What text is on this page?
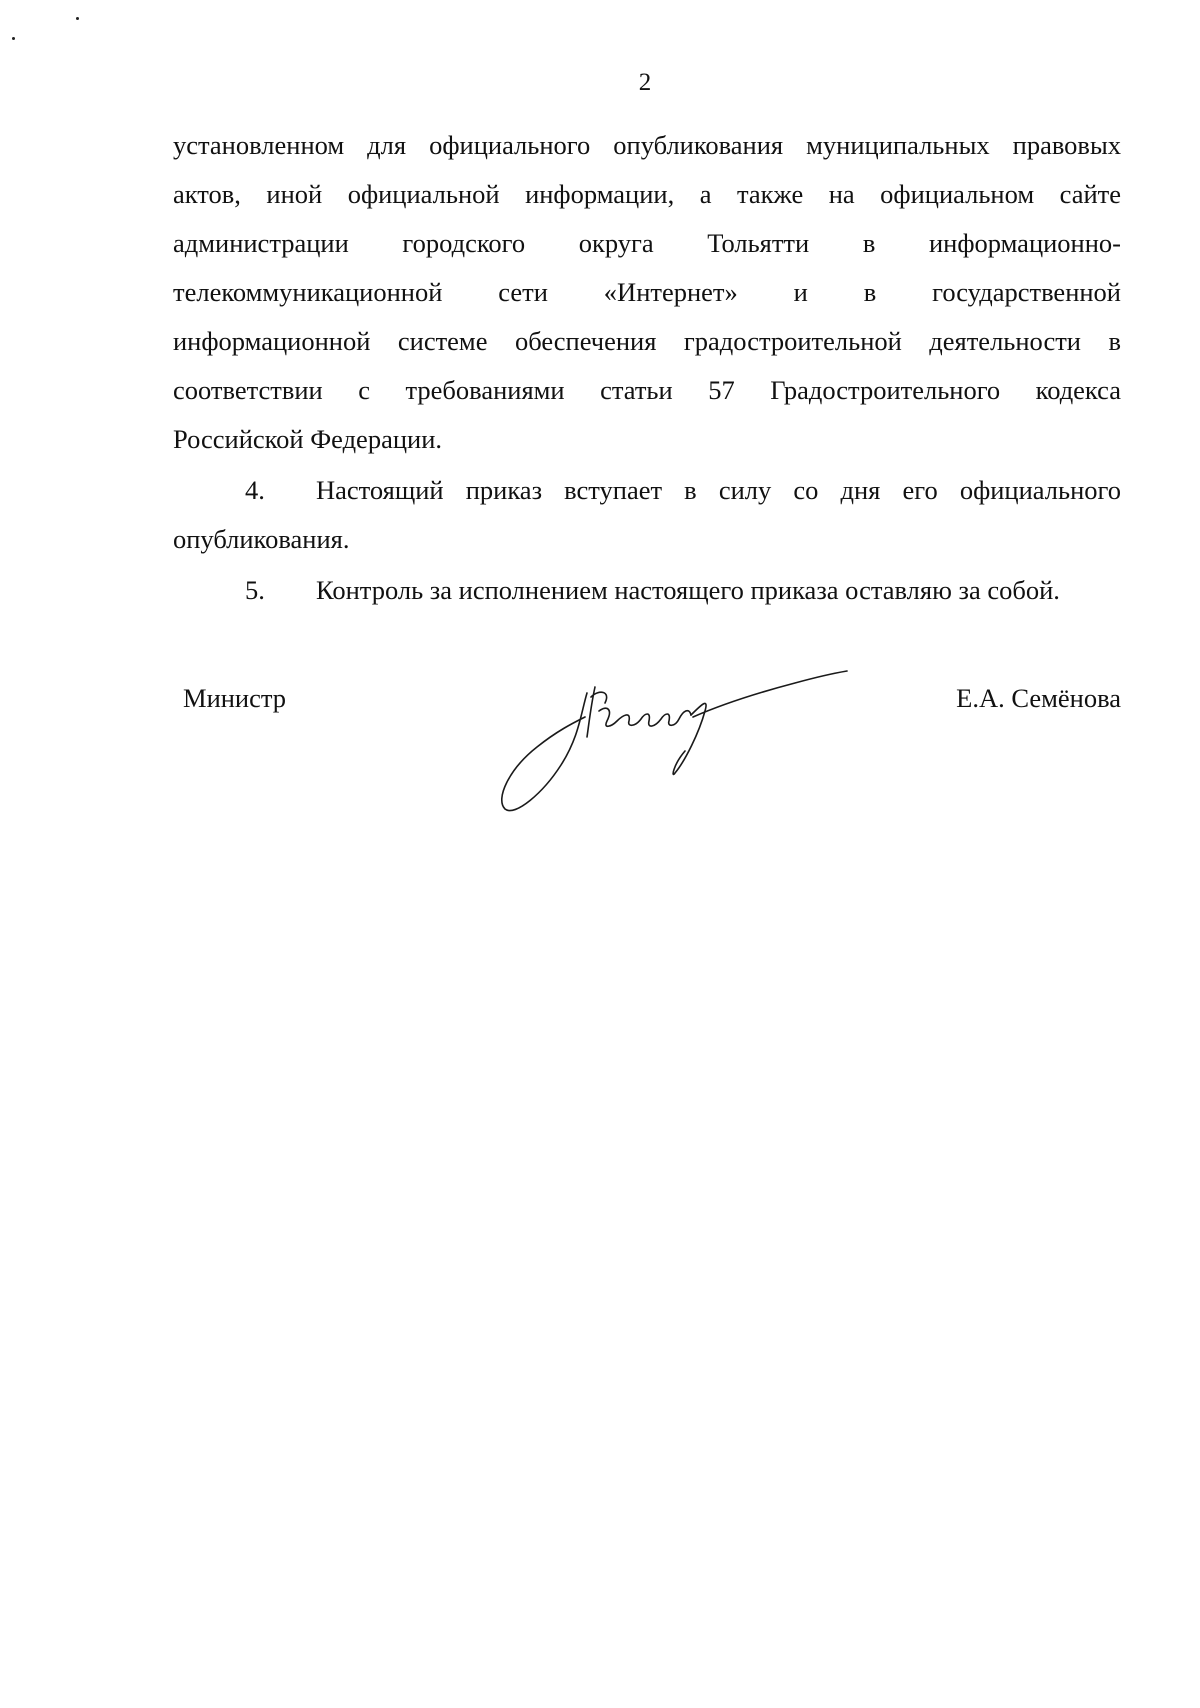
2
установленном для официального опубликования муниципальных правовых
актов, иной официальной информации, а также на официальном сайте
администрации городского округа Тольятти в информационно-
телекоммуникационной сети «Интернет» и в государственной
информационной системе обеспечения градостроительной деятельности в
соответствии с требованиями статьи 57 Градостроительного кодекса
Российской Федерации.
4. Настоящий приказ вступает в силу со дня его официального
опубликования.
5. Контроль за исполнением настоящего приказа оставляю за собой.
Министр	Е.А. Семёнова
